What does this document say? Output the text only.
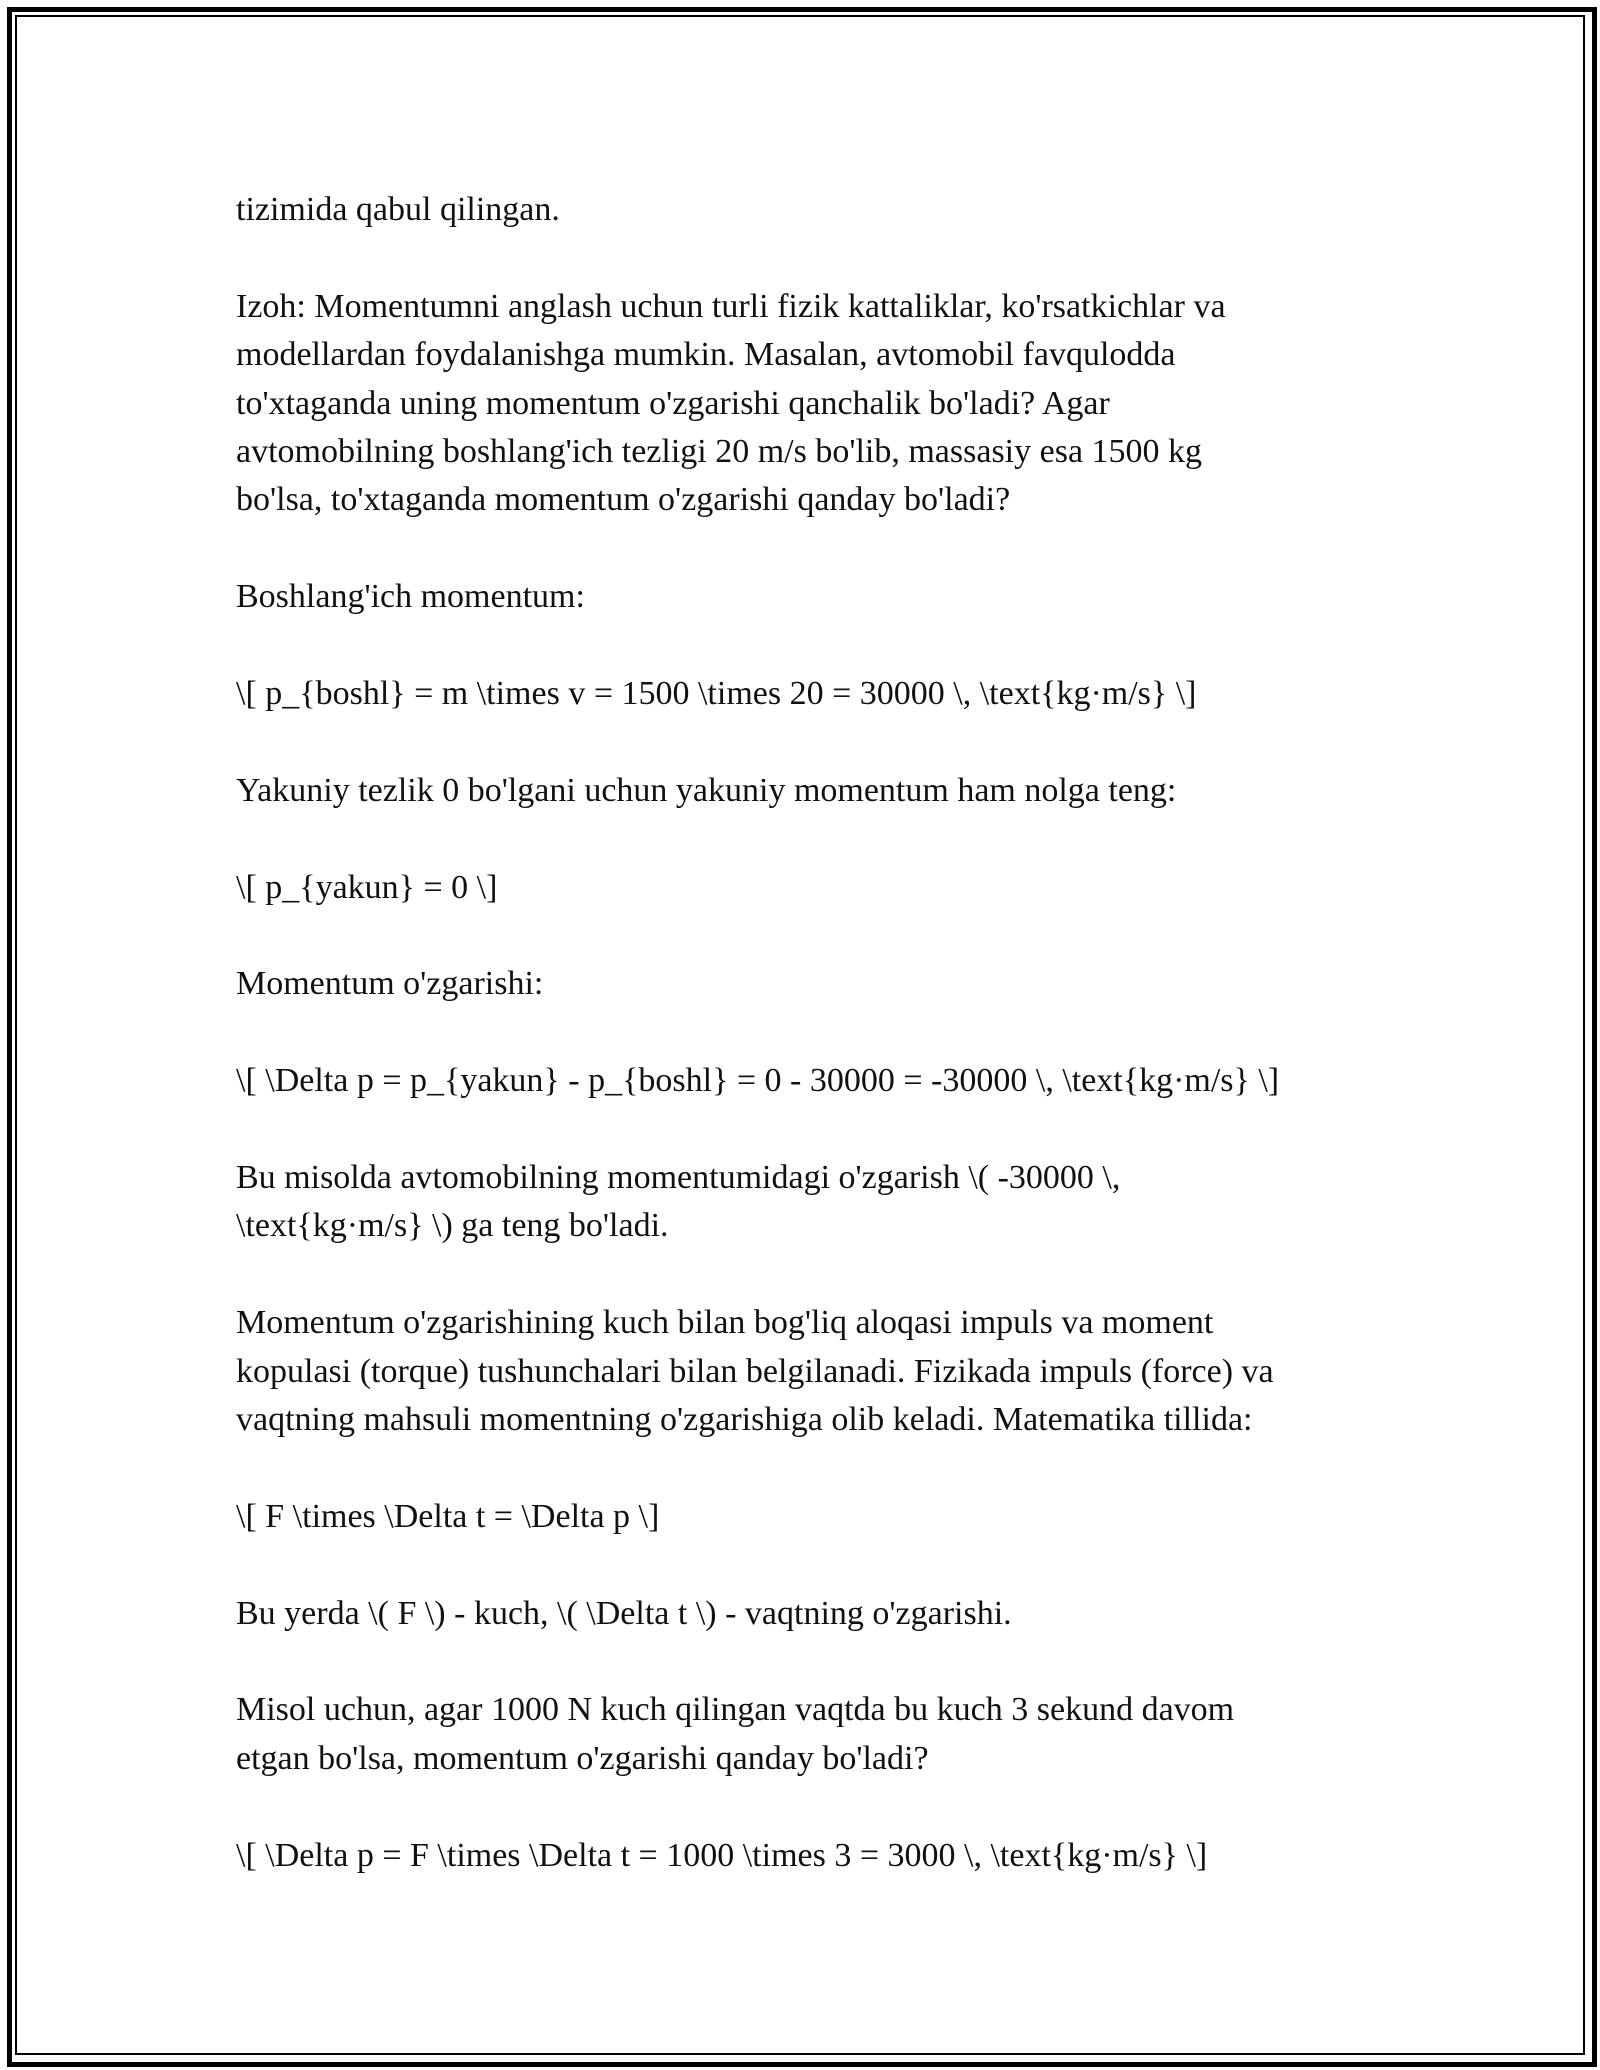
tizimida qabul qilingan.

Izoh: Momentumni anglash uchun turli fizik kattaliklar, ko'rsatkichlar va
modellardan foydalanishga mumkin. Masalan, avtomobil favqulodda
to'xtaganda uning momentum o'zgarishi qanchalik bo'ladi? Agar
avtomobilning boshlang'ich tezligi 20 m/s bo'lib, massasiy esa 1500 kg
bo'lsa, to'xtaganda momentum o'zgarishi qanday bo'ladi?

Boshlang'ich momentum:

\[ p_{boshl} = m \times v = 1500 \times 20 = 30000 \, \text{kg·m/s} \]

Yakuniy tezlik 0 bo'lgani uchun yakuniy momentum ham nolga teng:

\[ p_{yakun} = 0 \]

Momentum o'zgarishi:

\[ \Delta p = p_{yakun} - p_{boshl} = 0 - 30000 = -30000 \, \text{kg·m/s} \]

Bu misolda avtomobilning momentumidagi o'zgarish \( -30000 \,
\text{kg·m/s} \) ga teng bo'ladi.

Momentum o'zgarishining kuch bilan bog'liq aloqasi impuls va moment
kopulasi (torque) tushunchalari bilan belgilanadi. Fizikada impuls (force) va
vaqtning mahsuli momentning o'zgarishiga olib keladi. Matematika tillida:

\[ F \times \Delta t = \Delta p \]

Bu yerda \( F \) - kuch, \( \Delta t \) - vaqtning o'zgarishi.

Misol uchun, agar 1000 N kuch qilingan vaqtda bu kuch 3 sekund davom
etgan bo'lsa, momentum o'zgarishi qanday bo'ladi?

\[ \Delta p = F \times \Delta t = 1000 \times 3 = 3000 \, \text{kg·m/s} \]
